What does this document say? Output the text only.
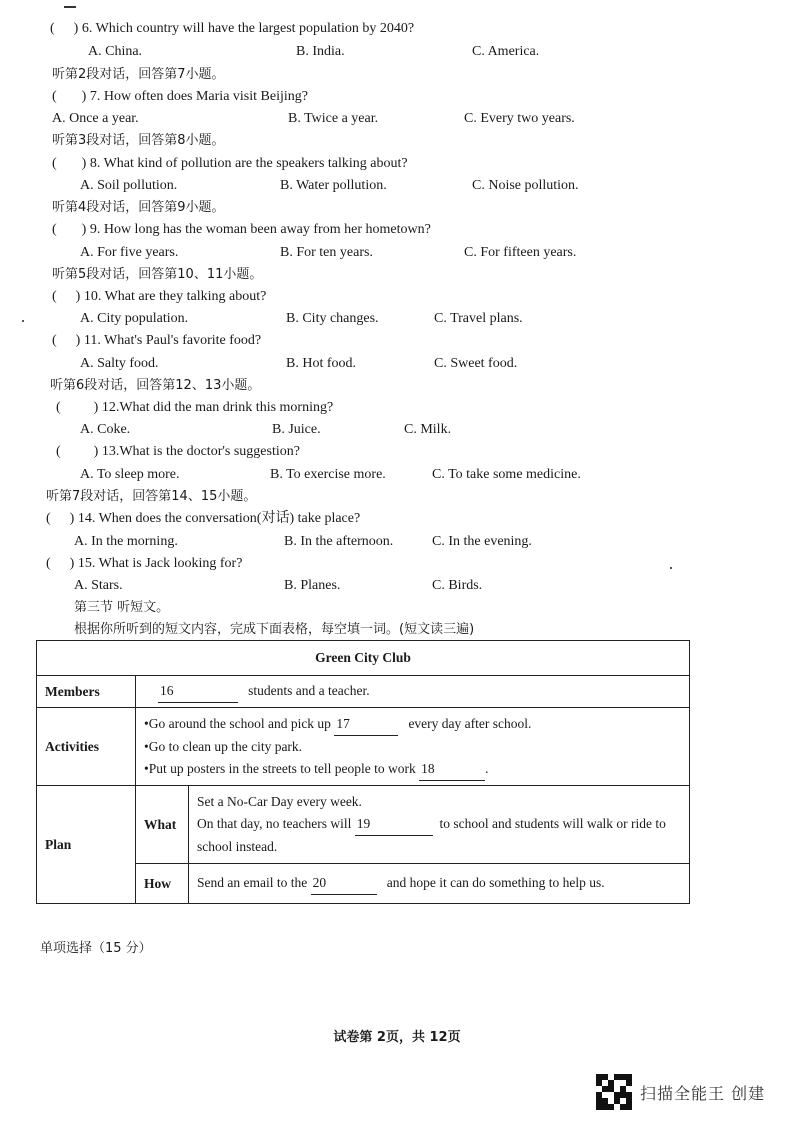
( ) 6. Which country will have the largest population by 2040?
A. China.	B. India.	C. America.
听第2段对话，回答第7小题。
( ) 7. How often does Maria visit Beijing?
A. Once a year.	B. Twice a year.	C. Every two years.
听第3段对话，回答第8小题。
( ) 8. What kind of pollution are the speakers talking about?
A. Soil pollution.	B. Water pollution.	C. Noise pollution.
听第4段对话，回答第9小题。
( ) 9. How long has the woman been away from her hometown?
A. For five years.	B. For ten years.	C. For fifteen years.
听第5段对话，回答第10、11小题。
( ) 10. What are they talking about?
A. City population.	B. City changes.	C. Travel plans.
( ) 11. What's Paul's favorite food?
A. Salty food.	B. Hot food.	C. Sweet food.
听第6段对话，回答第12、13小题。
( ) 12.What did the man drink this morning?
A. Coke.	B. Juice.	C. Milk.
( ) 13.What is the doctor's suggestion?
A. To sleep more.	B. To exercise more.	C. To take some medicine.
听第7段对话，回答第14、15小题。
( ) 14. When does the conversation(对话) take place?
A. In the morning.	B. In the afternoon.	C. In the evening.
( ) 15. What is Jack looking for?
A. Stars.	B. Planes.	C. Birds.
第三节 听短文。
根据你所听到的短文内容，完成下面表格，每空填一词。(短文读三遍)
Green City Club		
Members	16 students and a teacher.	
Activities	•Go around the school and pick up 17 every day after school.
•Go to clean up the city park.
•Put up posters in the streets to tell people to work 18 .	

Plan	What	Set a No-Car Day every week.
On that day, no teachers will 19 to school and students will walk or ride to
school instead.

	How	Send an email to the 20 and hope it can do something to help us.
单项选择（15 分）
试卷第 2页，共 12页
扫描全能王 创建
